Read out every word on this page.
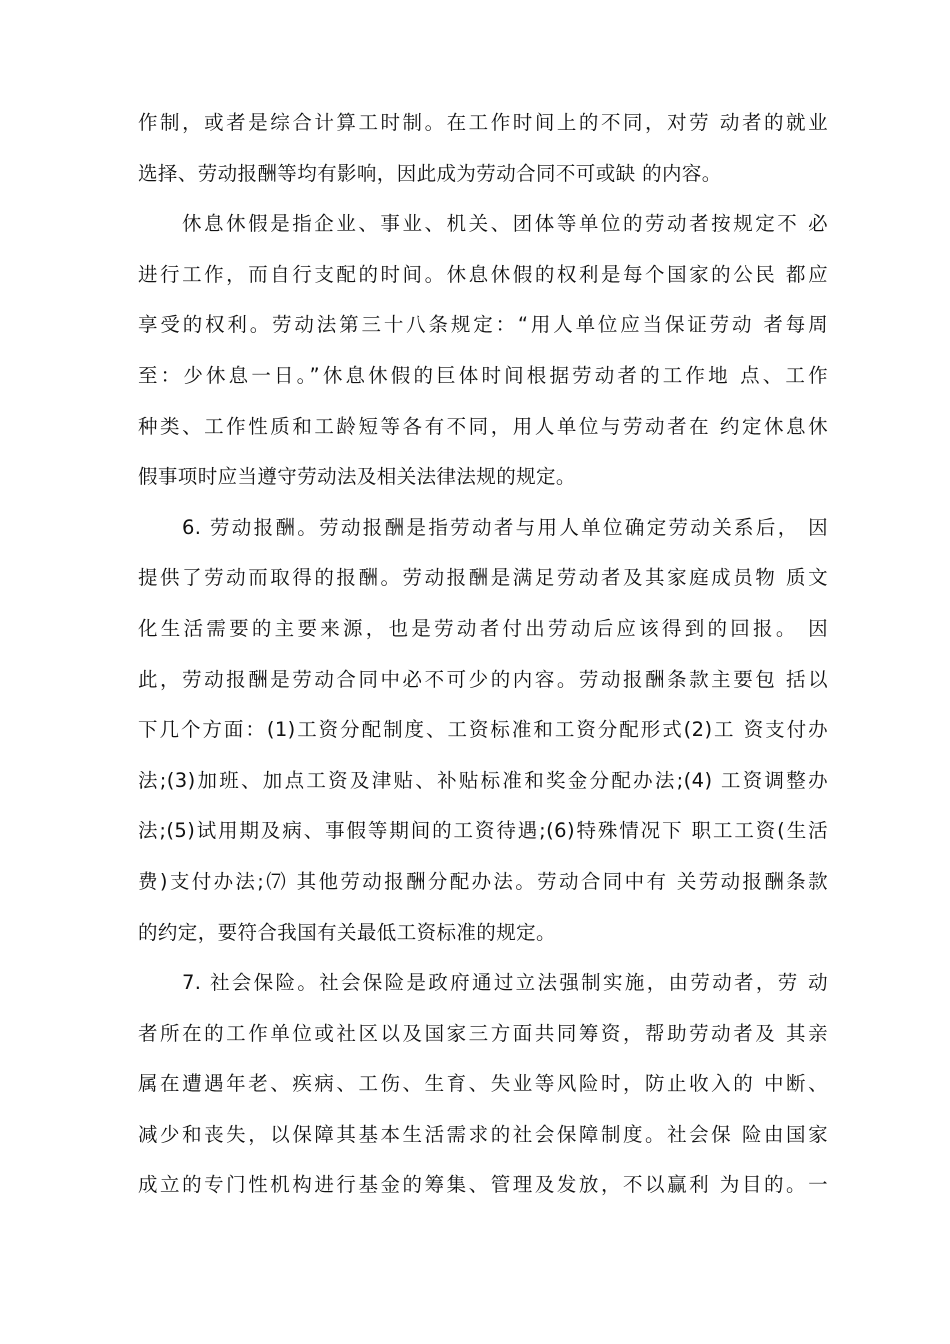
作制，或者是综合计算工时制。在工作时间上的不同，对劳 动者的就业
选择、劳动报酬等均有影响，因此成为劳动合同不可或缺 的内容。
休息休假是指企业、事业、机关、团体等单位的劳动者按规定不 必
进行工作，而自行支配的时间。休息休假的权利是每个国家的公民 都应
享受的权利。劳动法第三十八条规定：“用人单位应当保证劳动 者每周
至：少休息一日。”休息休假的巨体时间根据劳动者的工作地 点、工作
种类、工作性质和工龄短等各有不同，用人单位与劳动者在 约定休息休
假事项时应当遵守劳动法及相关法律法规的规定。
6. 劳动报酬。劳动报酬是指劳动者与用人单位确定劳动关系后， 因
提供了劳动而取得的报酬。劳动报酬是满足劳动者及其家庭成员物 质文
化生活需要的主要来源，也是劳动者付出劳动后应该得到的回报。 因
此，劳动报酬是劳动合同中必不可少的内容。劳动报酬条款主要包 括以
下几个方面：(1)工资分配制度、工资标准和工资分配形式(2)工 资支付办
法;(3)加班、加点工资及津贴、补贴标准和奖金分配办法;(4) 工资调整办
法;(5)试用期及病、事假等期间的工资待遇;(6)特殊情况下 职工工资(生活
费)支付办法;⑺ 其他劳动报酬分配办法。劳动合同中有 关劳动报酬条款
的约定，要符合我国有关最低工资标准的规定。
7. 社会保险。社会保险是政府通过立法强制实施，由劳动者，劳 动
者所在的工作单位或社区以及国家三方面共同筹资，帮助劳动者及 其亲
属在遭遇年老、疾病、工伤、生育、失业等风险时，防止收入的 中断、
减少和丧失，以保障其基本生活需求的社会保障制度。社会保 险由国家
成立的专门性机构进行基金的筹集、管理及发放，不以赢利 为目的。一
